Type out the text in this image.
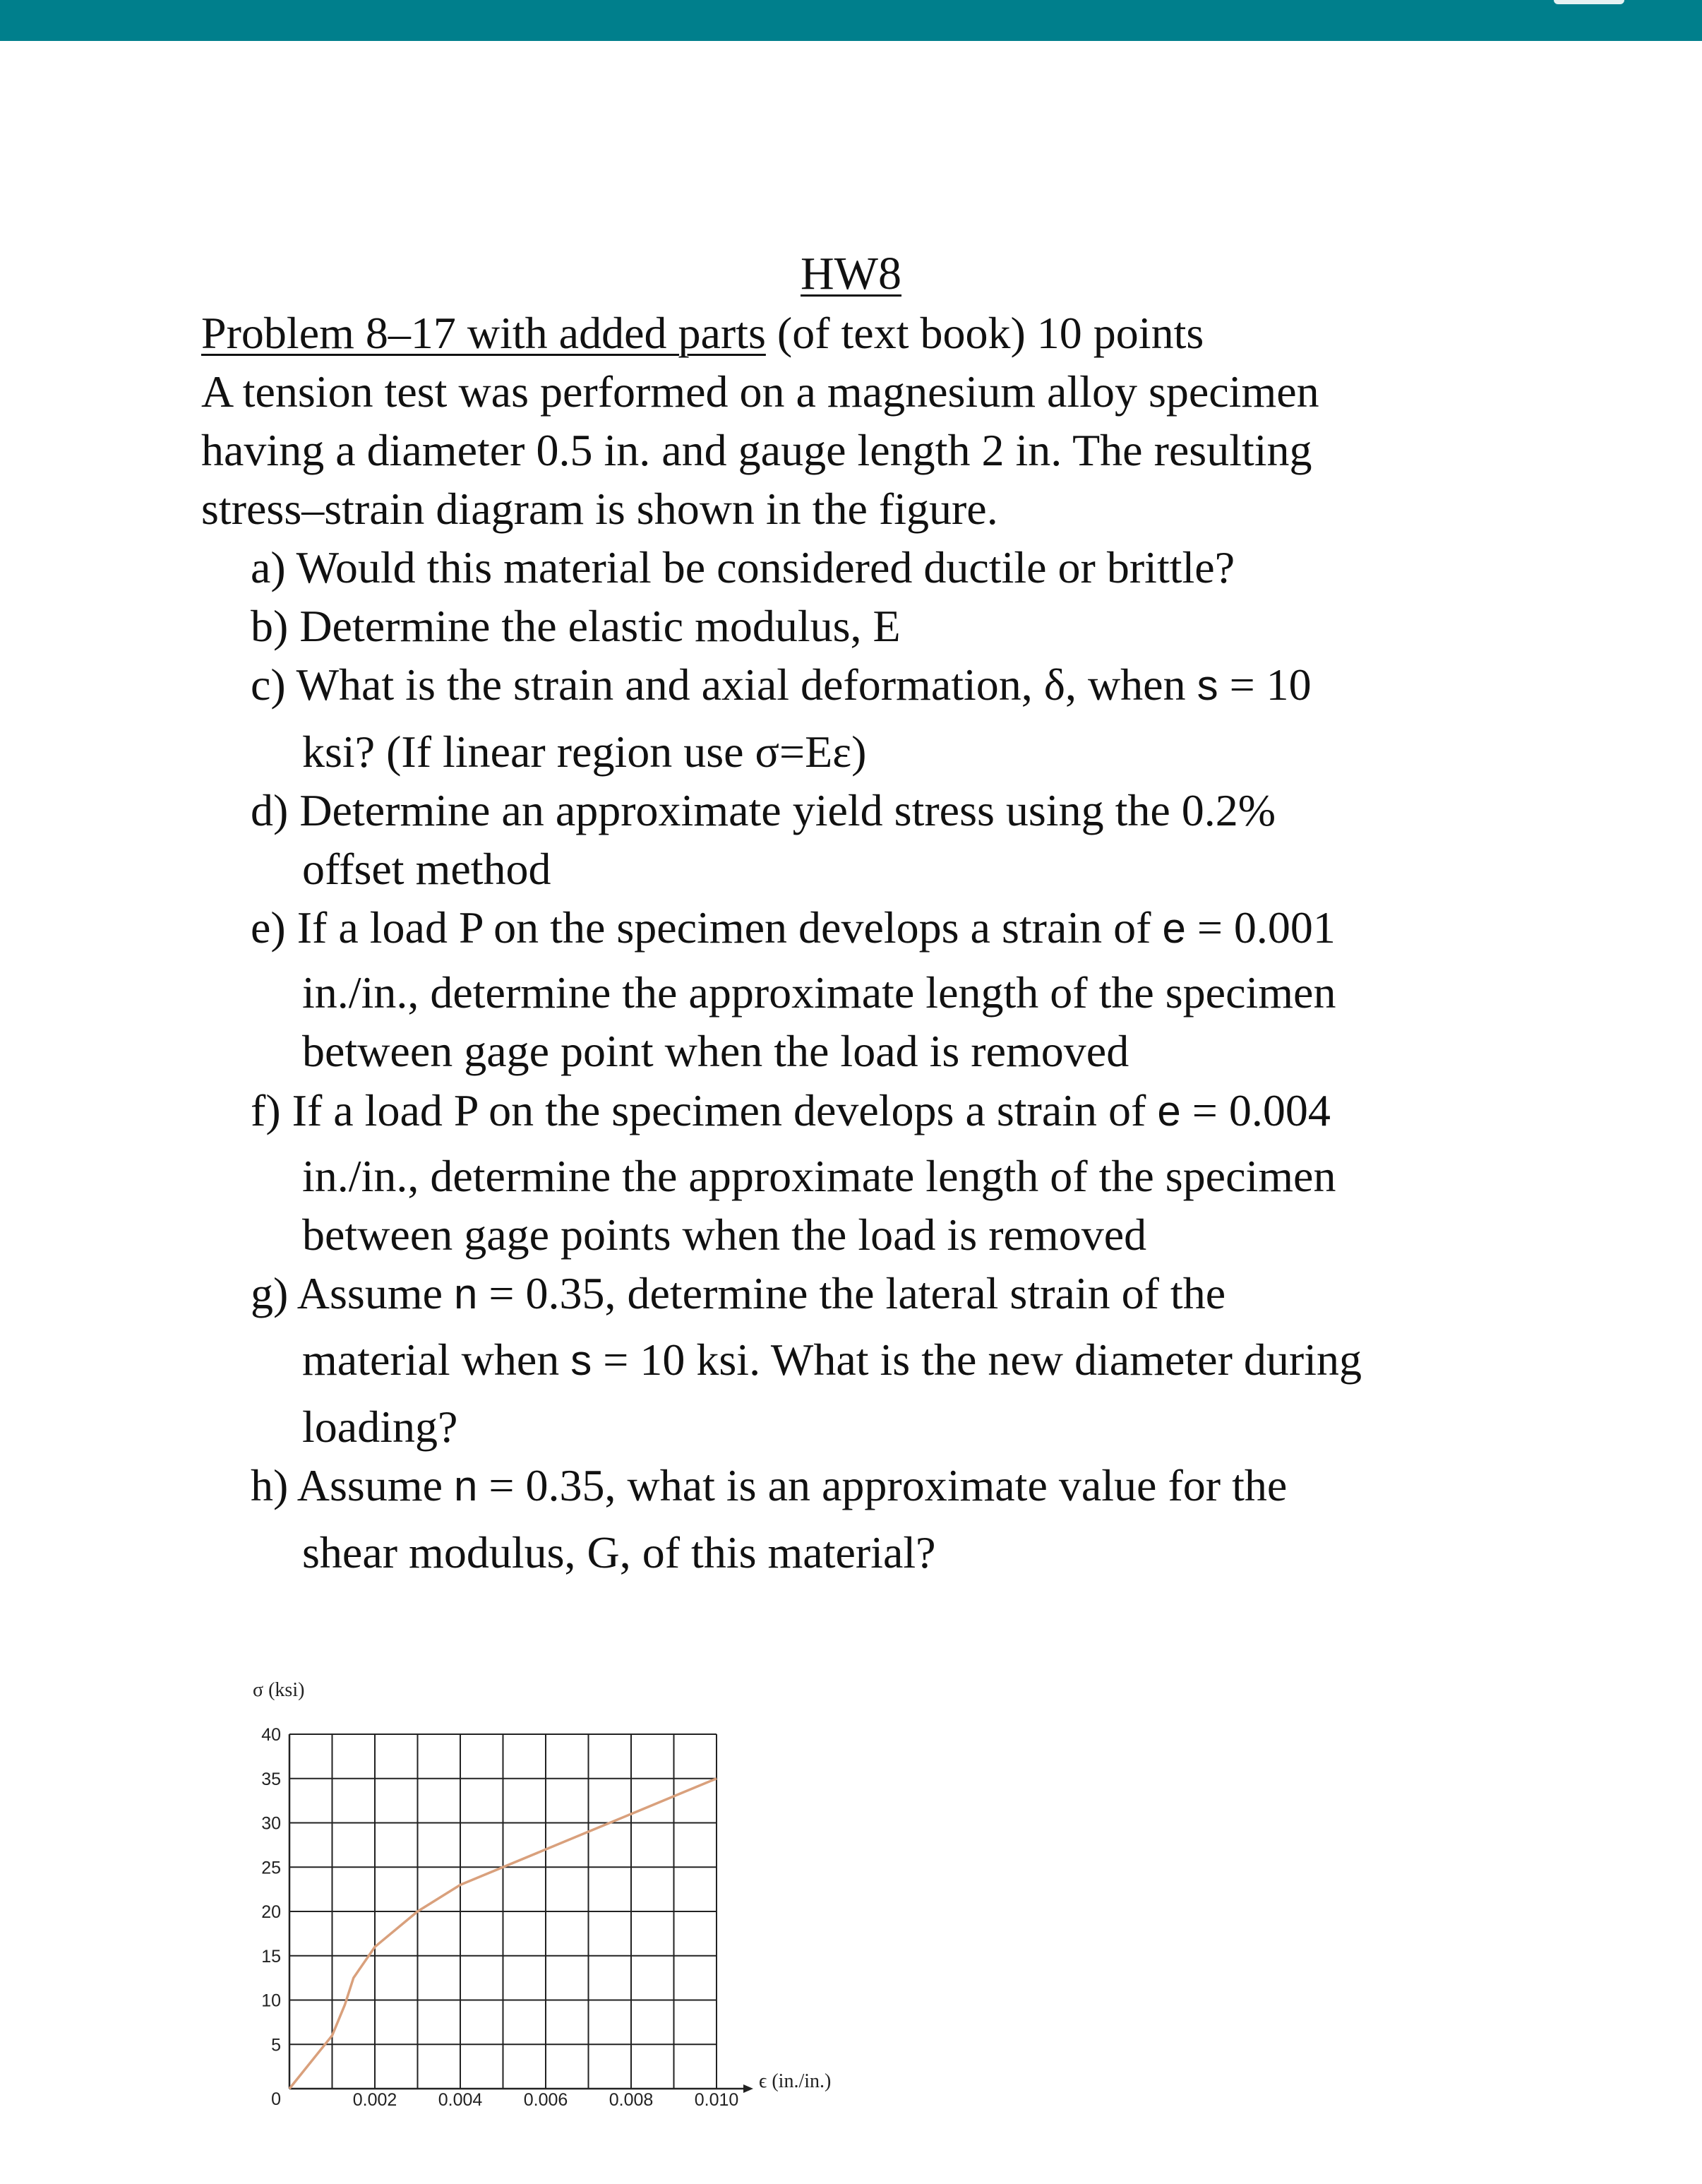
HW8
Problem 8–17 with added parts (of text book) 10 points
A tension test was performed on a magnesium alloy specimen
having a diameter 0.5 in. and gauge length 2 in. The resulting
stress–strain diagram is shown in the figure.
a) Would this material be considered ductile or brittle?
b) Determine the elastic modulus, E
c) What is the strain and axial deformation, δ, when s = 10
ksi? (If linear region use σ=Eε)
d) Determine an approximate yield stress using the 0.2%
offset method
e) If a load P on the specimen develops a strain of e = 0.001
in./in., determine the approximate length of the specimen
between gage point when the load is removed
f) If a load P on the specimen develops a strain of e = 0.004
in./in., determine the approximate length of the specimen
between gage points when the load is removed
g) Assume n = 0.35, determine the lateral strain of the
material when s = 10 ksi. What is the new diameter during
loading?
h) Assume n = 0.35, what is an approximate value for the
shear modulus, G, of this material?
0
5
10
15
20
25
30
35
40
0.002 0.004 0.006 0.008 0.010
σ (ksi)
ϵ (in./in.)
